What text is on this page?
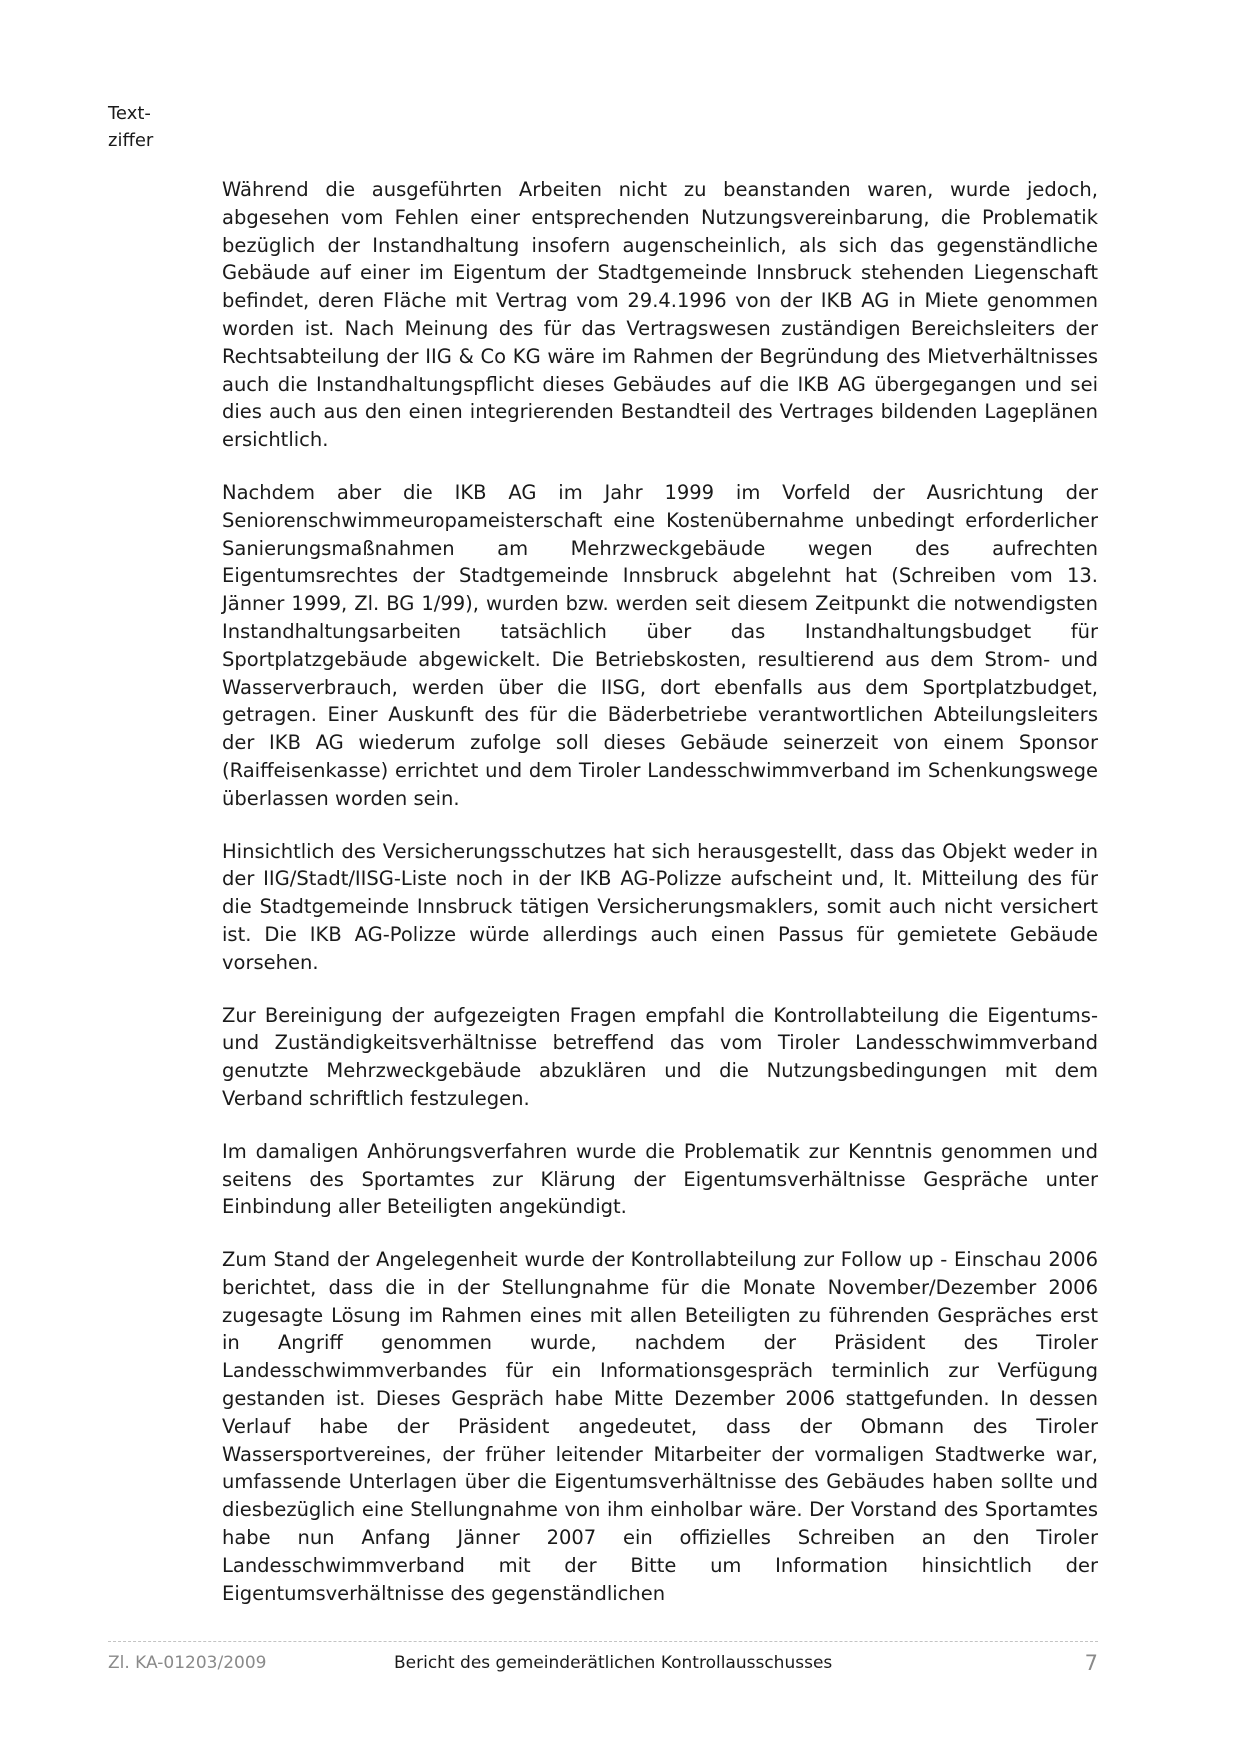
Text-
ziffer

Während die ausgeführten Arbeiten nicht zu beanstanden waren, wurde jedoch, abgesehen vom Fehlen einer entsprechenden Nutzungsvereinbarung, die Problematik bezüglich der Instandhaltung insofern augenscheinlich, als sich das gegenständliche Gebäude auf einer im Eigentum der Stadtgemeinde Innsbruck stehenden Liegenschaft befindet, deren Fläche mit Vertrag vom 29.4.1996 von der IKB AG in Miete genommen worden ist. Nach Meinung des für das Vertragswesen zuständigen Bereichsleiters der Rechtsabteilung der IIG & Co KG wäre im Rahmen der Begründung des Mietverhältnisses auch die Instandhaltungspflicht dieses Gebäudes auf die IKB AG übergegangen und sei dies auch aus den einen integrierenden Bestandteil des Vertrages bildenden Lageplänen ersichtlich.

Nachdem aber die IKB AG im Jahr 1999 im Vorfeld der Ausrichtung der Seniorenschwimmeuropameisterschaft eine Kostenübernahme unbedingt erforderlicher Sanierungsmaßnahmen am Mehrzweckgebäude wegen des aufrechten Eigentumsrechtes der Stadtgemeinde Innsbruck abgelehnt hat (Schreiben vom 13. Jänner 1999, Zl. BG 1/99), wurden bzw. werden seit diesem Zeitpunkt die notwendigsten Instandhaltungsarbeiten tatsächlich über das Instandhaltungsbudget für Sportplatzgebäude abgewickelt. Die Betriebskosten, resultierend aus dem Strom- und Wasserverbrauch, werden über die IISG, dort ebenfalls aus dem Sportplatzbudget, getragen. Einer Auskunft des für die Bäderbetriebe verantwortlichen Abteilungsleiters der IKB AG wiederum zufolge soll dieses Gebäude seinerzeit von einem Sponsor (Raiffeisenkasse) errichtet und dem Tiroler Landesschwimmverband im Schenkungswege überlassen worden sein.

Hinsichtlich des Versicherungsschutzes hat sich herausgestellt, dass das Objekt weder in der IIG/Stadt/IISG-Liste noch in der IKB AG-Polizze aufscheint und, lt. Mitteilung des für die Stadtgemeinde Innsbruck tätigen Versicherungsmaklers, somit auch nicht versichert ist. Die IKB AG-Polizze würde allerdings auch einen Passus für gemietete Gebäude vorsehen.

Zur Bereinigung der aufgezeigten Fragen empfahl die Kontrollabteilung die Eigentums- und Zuständigkeitsverhältnisse betreffend das vom Tiroler Landesschwimmverband genutzte Mehrzweckgebäude abzuklären und die Nutzungsbedingungen mit dem Verband schriftlich festzulegen.

Im damaligen Anhörungsverfahren wurde die Problematik zur Kenntnis genommen und seitens des Sportamtes zur Klärung der Eigentumsverhältnisse Gespräche unter Einbindung aller Beteiligten angekündigt.

Zum Stand der Angelegenheit wurde der Kontrollabteilung zur Follow up - Einschau 2006 berichtet, dass die in der Stellungnahme für die Monate November/Dezember 2006 zugesagte Lösung im Rahmen eines mit allen Beteiligten zu führenden Gespräches erst in Angriff genommen wurde, nachdem der Präsident des Tiroler Landesschwimmverbandes für ein Informationsgespräch terminlich zur Verfügung gestanden ist. Dieses Gespräch habe Mitte Dezember 2006 stattgefunden. In dessen Verlauf habe der Präsident angedeutet, dass der Obmann des Tiroler Wassersportvereines, der früher leitender Mitarbeiter der vormaligen Stadtwerke war, umfassende Unterlagen über die Eigentumsverhältnisse des Gebäudes haben sollte und diesbezüglich eine Stellungnahme von ihm einholbar wäre. Der Vorstand des Sportamtes habe nun Anfang Jänner 2007 ein offizielles Schreiben an den Tiroler Landesschwimmverband mit der Bitte um Information hinsichtlich der Eigentumsverhältnisse des gegenständlichen

Zl. KA-01203/2009	Bericht des gemeinderätlichen Kontrollausschusses	7
